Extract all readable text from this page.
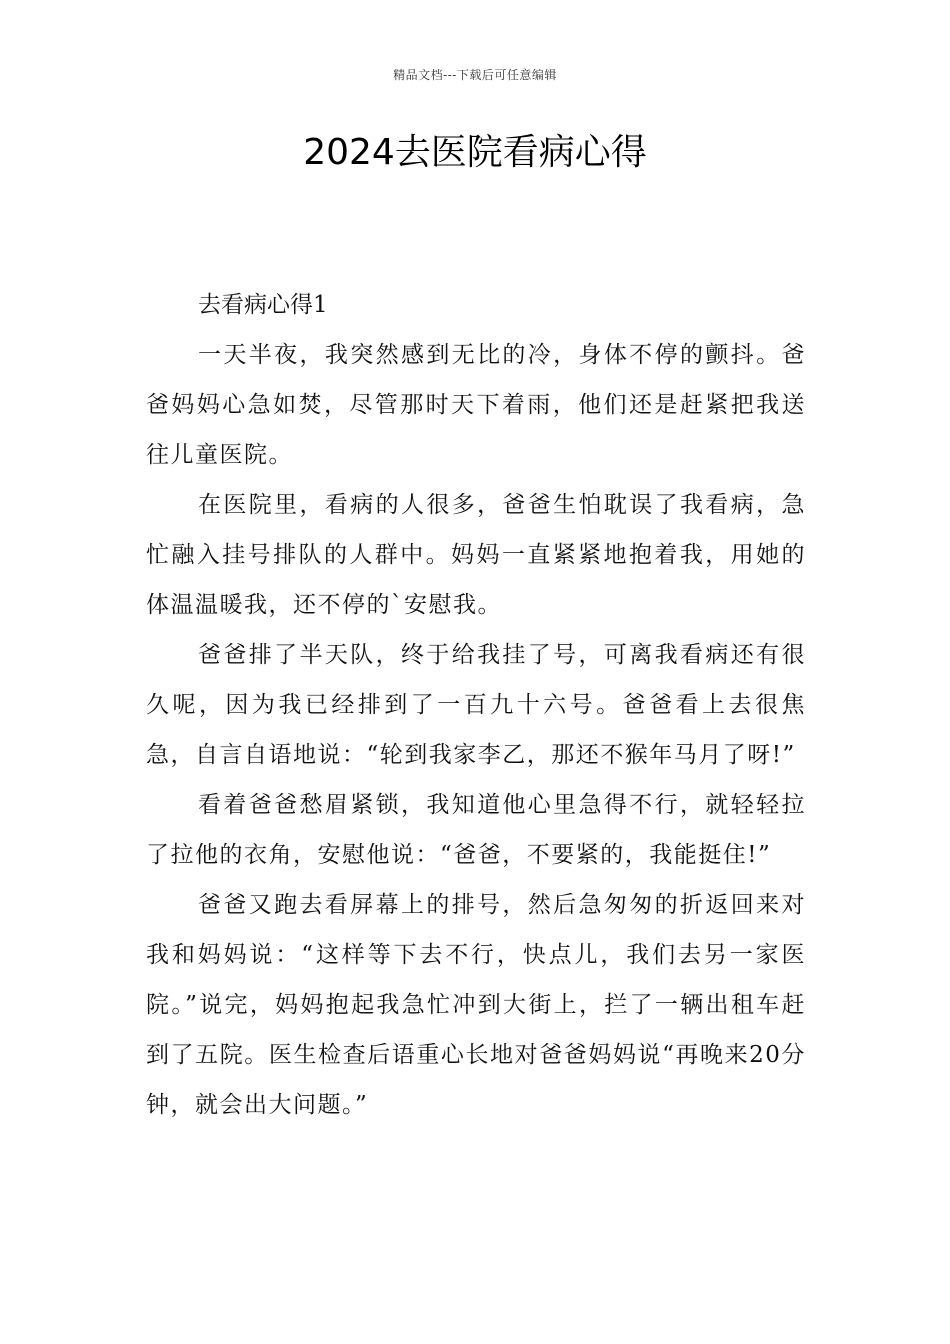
精品文档---下载后可任意编辑
2024去医院看病心得

去看病心得1

一天半夜，我突然感到无比的冷，身体不停的颤抖。爸爸妈妈心急如焚，尽管那时天下着雨，他们还是赶紧把我送往儿童医院。

在医院里，看病的人很多，爸爸生怕耽误了我看病，急忙融入挂号排队的人群中。妈妈一直紧紧地抱着我，用她的体温温暖我，还不停的`安慰我。

爸爸排了半天队，终于给我挂了号，可离我看病还有很久呢，因为我已经排到了一百九十六号。爸爸看上去很焦急，自言自语地说：“轮到我家李乙，那还不猴年马月了呀!”

看着爸爸愁眉紧锁，我知道他心里急得不行，就轻轻拉了拉他的衣角，安慰他说：“爸爸，不要紧的，我能挺住!”

爸爸又跑去看屏幕上的排号，然后急匆匆的折返回来对我和妈妈说：“这样等下去不行，快点儿，我们去另一家医院。”说完，妈妈抱起我急忙冲到大街上，拦了一辆出租车赶到了五院。医生检查后语重心长地对爸爸妈妈说“再晚来20分钟，就会出大问题。”
